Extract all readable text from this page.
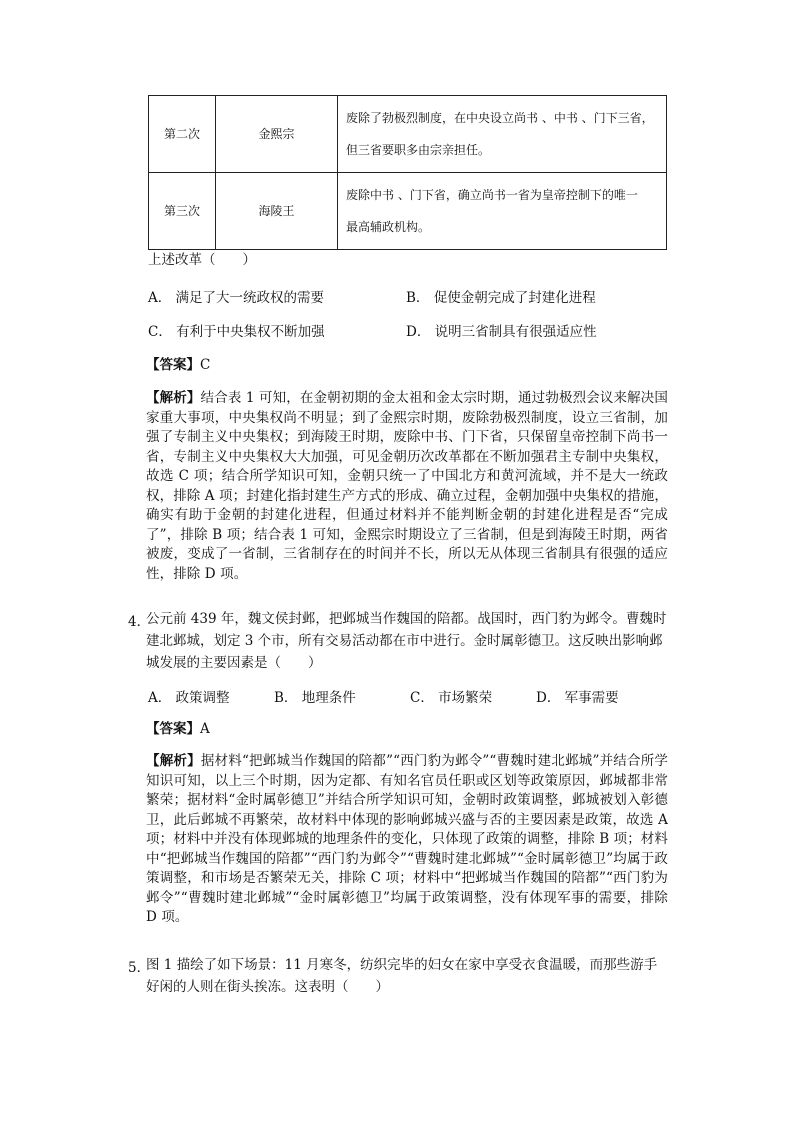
第二次	金熙宗	废除了勃极烈制度，在中央设立尚书 、中书 、门下三省，
但三省要职多由宗亲担任。

第三次	海陵王	废除中书 、门下省，确立尚书一省为皇帝控制下的唯一
最高辅政机构。
上述改革（　　）
A． 满足了大一统政权的需要	B． 促使金朝完成了封建化进程
C． 有利于中央集权不断加强	D． 说明三省制具有很强适应性
【答案】C
【解析】结合表 1 可知，在金朝初期的金太祖和金太宗时期，通过勃极烈会议来解决国家重大事项，中央集权尚不明显；到了金熙宗时期，废除勃极烈制度，设立三省制，加强了专制主义中央集权；到海陵王时期，废除中书、门下省，只保留皇帝控制下尚书一省，专制主义中央集权大大加强，可见金朝历次改革都在不断加强君主专制中央集权，故选 C 项；结合所学知识可知，金朝只统一了中国北方和黄河流域，并不是大一统政权，排除 A 项；封建化指封建生产方式的形成、确立过程，金朝加强中央集权的措施，确实有助于金朝的封建化进程，但通过材料并不能判断金朝的封建化进程是否“完成了”，排除 B 项；结合表 1 可知，金熙宗时期设立了三省制，但是到海陵王时期，两省被废，变成了一省制，三省制存在的时间并不长，所以无从体现三省制具有很强的适应性，排除 D 项。
4．
公元前 439 年，魏文侯封邺，把邺城当作魏国的陪都。战国时，西门豹为邺令。曹魏时建北邺城，划定 3 个市，所有交易活动都在市中进行。金时属彰德卫。这反映出影响邺城发展的主要因素是（　　）
A． 政策调整	B． 地理条件	C． 市场繁荣	D． 军事需要
【答案】A
【解析】据材料“把邺城当作魏国的陪都”“西门豹为邺令”“曹魏时建北邺城”并结合所学知识可知，以上三个时期，因为定都、有知名官员任职或区划等政策原因，邺城都非常繁荣；据材料“金时属彰德卫”并结合所学知识可知，金朝时政策调整，邺城被划入彰德卫，此后邺城不再繁荣，故材料中体现的影响邺城兴盛与否的主要因素是政策，故选 A 项；材料中并没有体现邺城的地理条件的变化，只体现了政策的调整，排除 B 项；材料中“把邺城当作魏国的陪都”“西门豹为邺令”“曹魏时建北邺城”“金时属彰德卫”均属于政策调整，和市场是否繁荣无关，排除 C 项；材料中“把邺城当作魏国的陪都”“西门豹为邺令”“曹魏时建北邺城”“金时属彰德卫”均属于政策调整，没有体现军事的需要，排除 D 项。
5．
图 1 描绘了如下场景：11 月寒冬，纺织完毕的妇女在家中享受衣食温暖，而那些游手好闲的人则在街头挨冻。这表明（　　）
